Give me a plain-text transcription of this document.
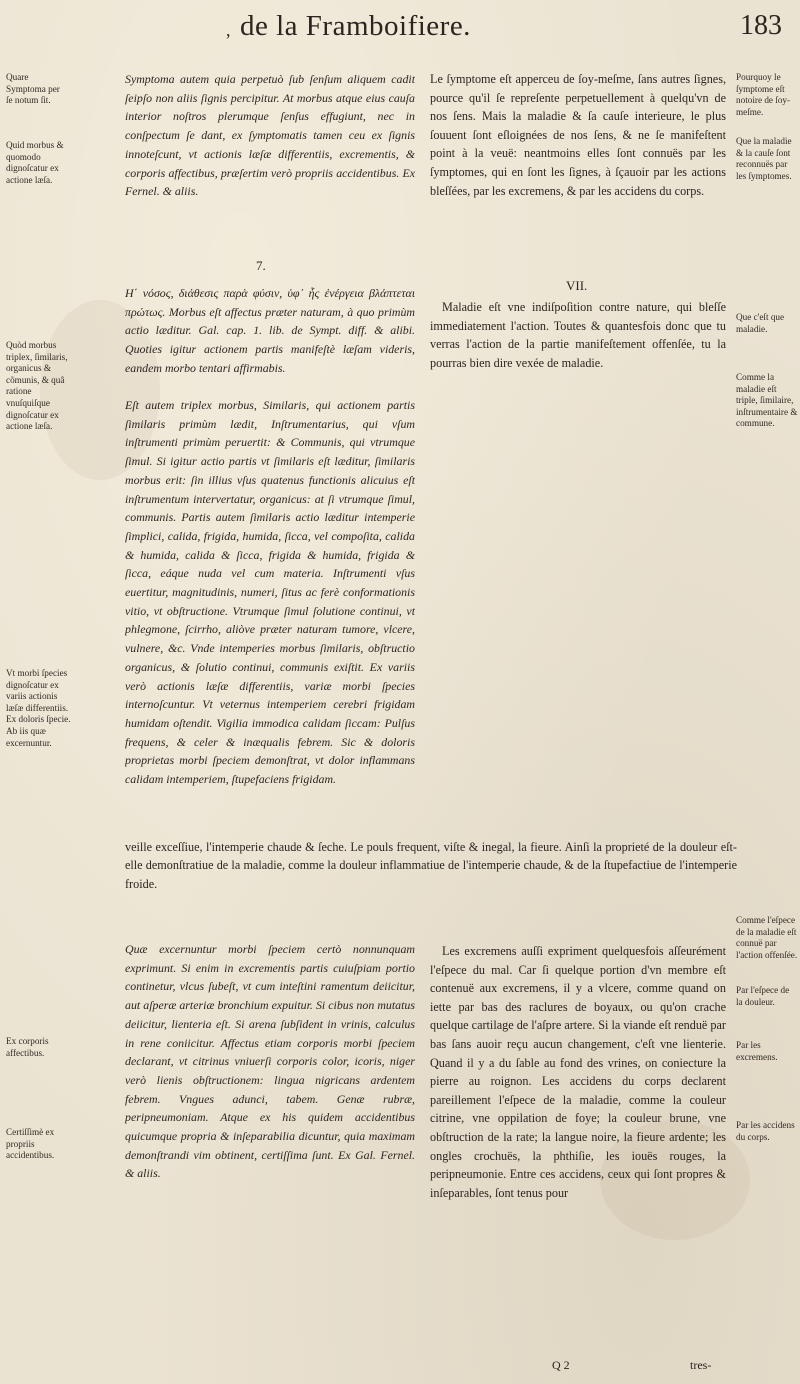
, de la Framboifiere.	183

Quare Symptoma per ſe notum ſit.

Quid morbus & quomodo dignoſcatur ex actione læſa.

Quòd morbus triplex, ſimilaris, organicus & cõmunis, & quâ ratione vnuſquiſque dignoſcatur ex actione læſa.

Vt morbi ſpecies dignoſcatur ex variis actionis læſæ differentiis. Ex doloris ſpecie. Ab iis quæ excernuntur.

Ex corporis affectibus.

Certiſſimè ex propriis accidentibus.

Pourquoy le ſymptome eſt notoire de ſoy-meſme.

Que la maladie & la cauſe ſont reconnuës par les ſymptomes.

Que c'eſt que maladie.

Comme la maladie eſt triple, ſimilaire, inſtrumentaire & commune.

Comme l'eſpece de la maladie eſt connuë par l'action offenſée.

Par l'eſpece de la douleur.

Par les excremens.

Par les accidens du corps.

7.
VII.

Symptoma autem quia perpetuò ſub ſenſum aliquem cadit ſeipſo non aliis ſignis percipitur. At morbus atque eius cauſa interior noſtros plerumque ſenſus effugiunt, nec in conſpectum ſe dant, ex ſymptomatis tamen ceu ex ſignis innoteſcunt, vt actionis læſæ differentiis, excrementis, & corporis affectibus, præſertim verò propriis accidentibus. Ex Fernel. & aliis.

Η΄ νόσος, διάθεσις παρὰ φύσιν, ὑφ᾽ ἧς ἐνέργεια βλάπτεται πρώτως. Morbus eſt affectus præter naturam, à quo primùm actio læditur. Gal. cap. 1. lib. de Sympt. diff. & alibi. Quoties igitur actionem partis manifeſtè læſam videris, eandem morbo tentari affirmabis.

Eſt autem triplex morbus, Similaris, qui actionem partis ſimilaris primùm lædit, Inſtrumentarius, qui vſum inſtrumenti primùm peruertit: & Communis, qui vtrumque ſimul. Si igitur actio partis vt ſimilaris eſt læditur, ſimilaris morbus erit: ſin illius vſus quatenus functionis alicuius eſt inſtrumentum intervertatur, organicus: at ſi vtrumque ſimul, communis. Partis autem ſimilaris actio læditur intemperie ſimplici, calida, frigida, humida, ſicca, vel compoſita, calida & humida, calida & ſicca, frigida & humida, frigida & ſicca, eáque nuda vel cum materia. Inſtrumenti vſus euertitur, magnitudinis, numeri, ſitus ac ferè conformationis vitio, vt obſtructione. Vtrumque ſimul ſolutione continui, vt phlegmone, ſcirrho, aliòve præter naturam tumore, vlcere, vulnere, &c. Vnde intemperies morbus ſimilaris, obſtructio organicus, & ſolutio continui, communis exiſtit. Ex variis verò actionis læſæ differentiis, variæ morbi ſpecies internoſcuntur. Vt veternus intemperiem cerebri frigidam humidam oſtendit. Vigilia immodica calidam ſiccam: Pulſus frequens, & celer & inæqualis febrem. Sic & doloris proprietas morbi ſpeciem demonſtrat, vt dolor inflammans calidam intemperiem, ſtupefaciens frigidam.

Le ſymptome eſt apperceu de ſoy-meſme, ſans autres ſignes, pource qu'il ſe repreſente perpetuellement à quelqu'vn de nos ſens. Mais la maladie & ſa cauſe interieure, le plus ſouuent ſont eſloignées de nos ſens, & ne ſe manifeſtent point à la veuë: neantmoins elles ſont connuës par les ſymptomes, qui en ſont les ſignes, à ſçauoir par les actions bleſſées, par les excremens, & par les accidens du corps.

Maladie eſt vne indiſpoſition contre nature, qui bleſſe immediatement l'action. Toutes & quantesfois donc que tu verras l'action de la partie manifeſtement offenſée, tu la pourras bien dire vexée de maladie.

Quæ excernuntur morbi ſpeciem certò nonnunquam exprimunt. Si enim in excrementis partis cuiuſpiam portio continetur, vlcus ſubeſt, vt cum inteſtini ramentum deiicitur, aut aſperæ arteriæ bronchium expuitur. Si cibus non mutatus deiicitur, lienteria eſt. Si arena ſubſident in vrinis, calculus in rene coniicitur. Affectus etiam corporis morbi ſpeciem declarant, vt citrinus vniuerſi corporis color, icoris, niger verò lienis obſtructionem: lingua nigricans ardentem febrem. Vngues adunci, tabem. Genæ rubræ, peripneumoniam. Atque ex his quidem accidentibus quicumque propria & inſeparabilia dicuntur, quia maximam demonſtrandi vim obtinent, certiſſima ſunt. Ex Gal. Fernel. & aliis.

Les excremens auſſi expriment quelquesfois aſſeurément l'eſpece du mal. Car ſi quelque portion d'vn membre eſt contenuë aux excremens, il y a vlcere, comme quand on iette par bas des raclures de boyaux, ou qu'on crache quelque cartilage de l'aſpre artere. Si la viande eſt renduë par bas ſans auoir reçu aucun changement, c'eſt vne lienterie. Quand il y a du ſable au fond des vrines, on coniecture la pierre au roignon. Les accidens du corps declarent pareillement l'eſpece de la maladie, comme la couleur citrine, vne oppilation de foye; la couleur brune, vne obſtruction de la rate; la langue noire, la fieure ardente; les ongles crochuës, la phthiſie, les iouës rouges, la peripneumonie. Entre ces accidens, ceux qui ſont propres & inſeparables, ſont tenus pour

Q 2	tres-

veille exceſſiue, l'intemperie chaude & ſeche. Le pouls frequent, viſte & inegal, la fieure. Ainſi la proprieté de la douleur eſt-elle demonſtratiue de la maladie, comme la douleur inflammatiue de l'intemperie chaude, & de la ſtupefactiue de l'intemperie froide.
